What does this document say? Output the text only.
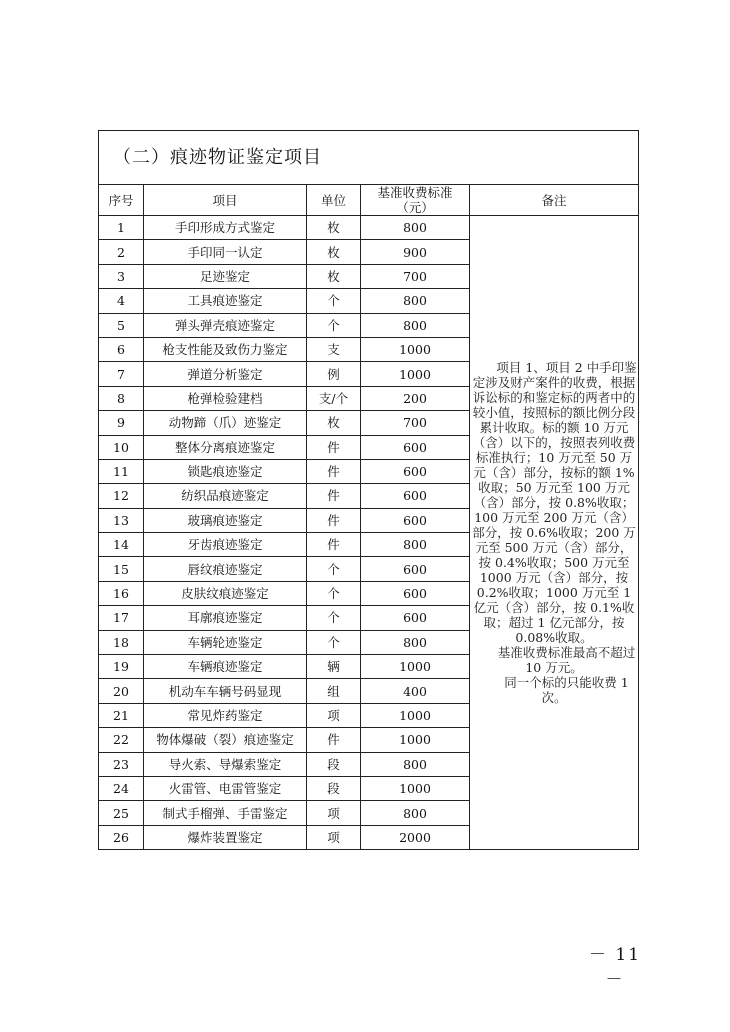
（二）痕迹物证鉴定项目				
序号	项目	单位	基准收费标准（元）	备注
1	手印形成方式鉴定	枚	800	项目 1、项目 2 中手印鉴定涉及财产案件的收费，根据诉讼标的和鉴定标的两者中的较小值，按照标的额比例分段累计收取。标的额 10 万元（含）以下的，按照表列收费标准执行；10 万元至 50 万元（含）部分，按标的额 1%收取；50 万元至 100 万元（含）部分，按 0.8%收取；100 万元至 200 万元（含）部分，按 0.6%收取；200 万元至 500 万元（含）部分，按 0.4%收取；500 万元至 1000 万元（含）部分，按 0.2%收取；1000 万元至 1 亿元（含）部分，按 0.1%收取；超过 1 亿元部分，按 0.08%收取。

基准收费标准最高不超过 10 万元。

同一个标的只能收费 1 次。

2	手印同一认定	枚	900	
3	足迹鉴定	枚	700	
4	工具痕迹鉴定	个	800	
5	弹头弹壳痕迹鉴定	个	800	
6	枪支性能及致伤力鉴定	支	1000	
7	弹道分析鉴定	例	1000	
8	枪弹检验建档	支/个	200	
9	动物蹄（爪）迹鉴定	枚	700	
10	整体分离痕迹鉴定	件	600	
11	锁匙痕迹鉴定	件	600	
12	纺织品痕迹鉴定	件	600	
13	玻璃痕迹鉴定	件	600	
14	牙齿痕迹鉴定	件	800	
15	唇纹痕迹鉴定	个	600	
16	皮肤纹痕迹鉴定	个	600	
17	耳廓痕迹鉴定	个	600	
18	车辆轮迹鉴定	个	800	
19	车辆痕迹鉴定	辆	1000	
20	机动车车辆号码显现	组	400	
21	常见炸药鉴定	项	1000	
22	物体爆破（裂）痕迹鉴定	件	1000	
23	导火索、导爆索鉴定	段	800	
24	火雷管、电雷管鉴定	段	1000	
25	制式手榴弹、手雷鉴定	项	800	
26	爆炸装置鉴定	项	2000	
－ 11 －
